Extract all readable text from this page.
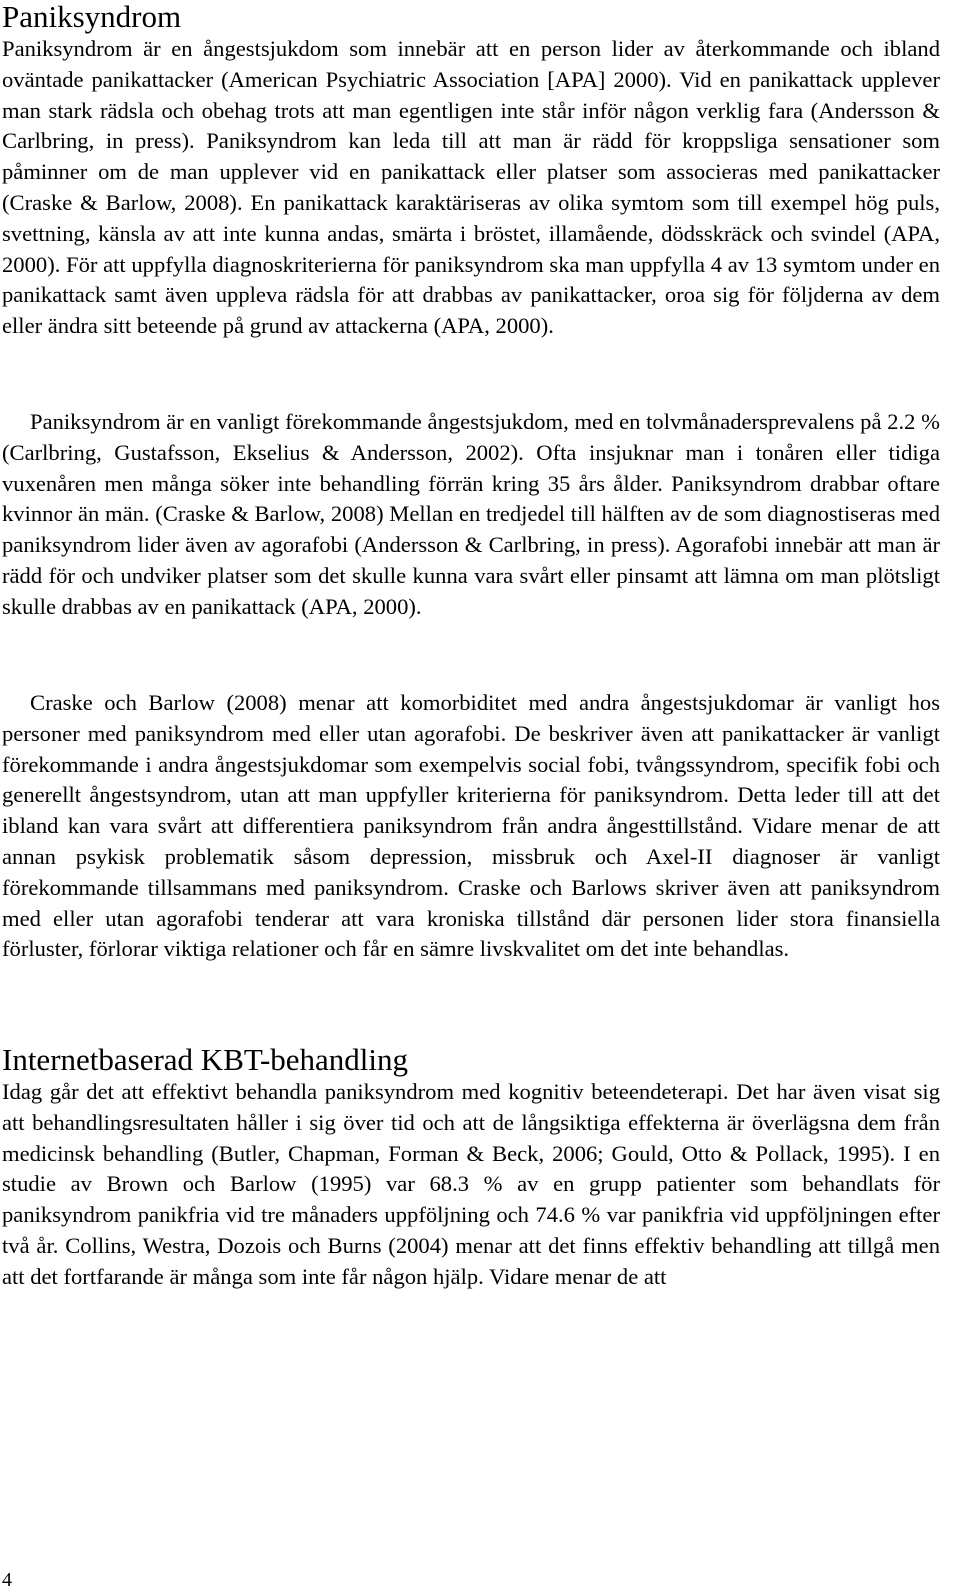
Paniksyndrom

Paniksyndrom är en ångestsjukdom som innebär att en person lider av återkommande och ibland oväntade panikattacker (American Psychiatric Association [APA] 2000). Vid en panikattack upplever man stark rädsla och obehag trots att man egentligen inte står inför någon verklig fara (Andersson & Carlbring, in press). Paniksyndrom kan leda till att man är rädd för kroppsliga sensationer som påminner om de man upplever vid en panikattack eller platser som associeras med panikattacker (Craske & Barlow, 2008). En panikattack karaktäriseras av olika symtom som till exempel hög puls, svettning, känsla av att inte kunna andas, smärta i bröstet, illamående, dödsskräck och svindel (APA, 2000). För att uppfylla diagnoskriterierna för paniksyndrom ska man uppfylla 4 av 13 symtom under en panikattack samt även uppleva rädsla för att drabbas av panikattacker, oroa sig för följderna av dem eller ändra sitt beteende på grund av attackerna (APA, 2000).

Paniksyndrom är en vanligt förekommande ångestsjukdom, med en tolvmånadersprevalens på 2.2 % (Carlbring, Gustafsson, Ekselius & Andersson, 2002). Ofta insjuknar man i tonåren eller tidiga vuxenåren men många söker inte behandling förrän kring 35 års ålder. Paniksyndrom drabbar oftare kvinnor än män. (Craske & Barlow, 2008) Mellan en tredjedel till hälften av de som diagnostiseras med paniksyndrom lider även av agorafobi (Andersson & Carlbring, in press). Agorafobi innebär att man är rädd för och undviker platser som det skulle kunna vara svårt eller pinsamt att lämna om man plötsligt skulle drabbas av en panikattack (APA, 2000).

Craske och Barlow (2008) menar att komorbiditet med andra ångestsjukdomar är vanligt hos personer med paniksyndrom med eller utan agorafobi. De beskriver även att panikattacker är vanligt förekommande i andra ångestsjukdomar som exempelvis social fobi, tvångssyndrom, specifik fobi och generellt ångestsyndrom, utan att man uppfyller kriterierna för paniksyndrom. Detta leder till att det ibland kan vara svårt att differentiera paniksyndrom från andra ångesttillstånd. Vidare menar de att annan psykisk problematik såsom depression, missbruk och Axel-II diagnoser är vanligt förekommande tillsammans med paniksyndrom. Craske och Barlows skriver även att paniksyndrom med eller utan agorafobi tenderar att vara kroniska tillstånd där personen lider stora finansiella förluster, förlorar viktiga relationer och får en sämre livskvalitet om det inte behandlas.

Internetbaserad KBT-behandling

Idag går det att effektivt behandla paniksyndrom med kognitiv beteendeterapi. Det har även visat sig att behandlingsresultaten håller i sig över tid och att de långsiktiga effekterna är överlägsna dem från medicinsk behandling (Butler, Chapman, Forman & Beck, 2006; Gould, Otto & Pollack, 1995). I en studie av Brown och Barlow (1995) var 68.3 % av en grupp patienter som behandlats för paniksyndrom panikfria vid tre månaders uppföljning och 74.6 % var panikfria vid uppföljningen efter två år. Collins, Westra, Dozois och Burns (2004) menar att det finns effektiv behandling att tillgå men att det fortfarande är många som inte får någon hjälp. Vidare menar de att

4
